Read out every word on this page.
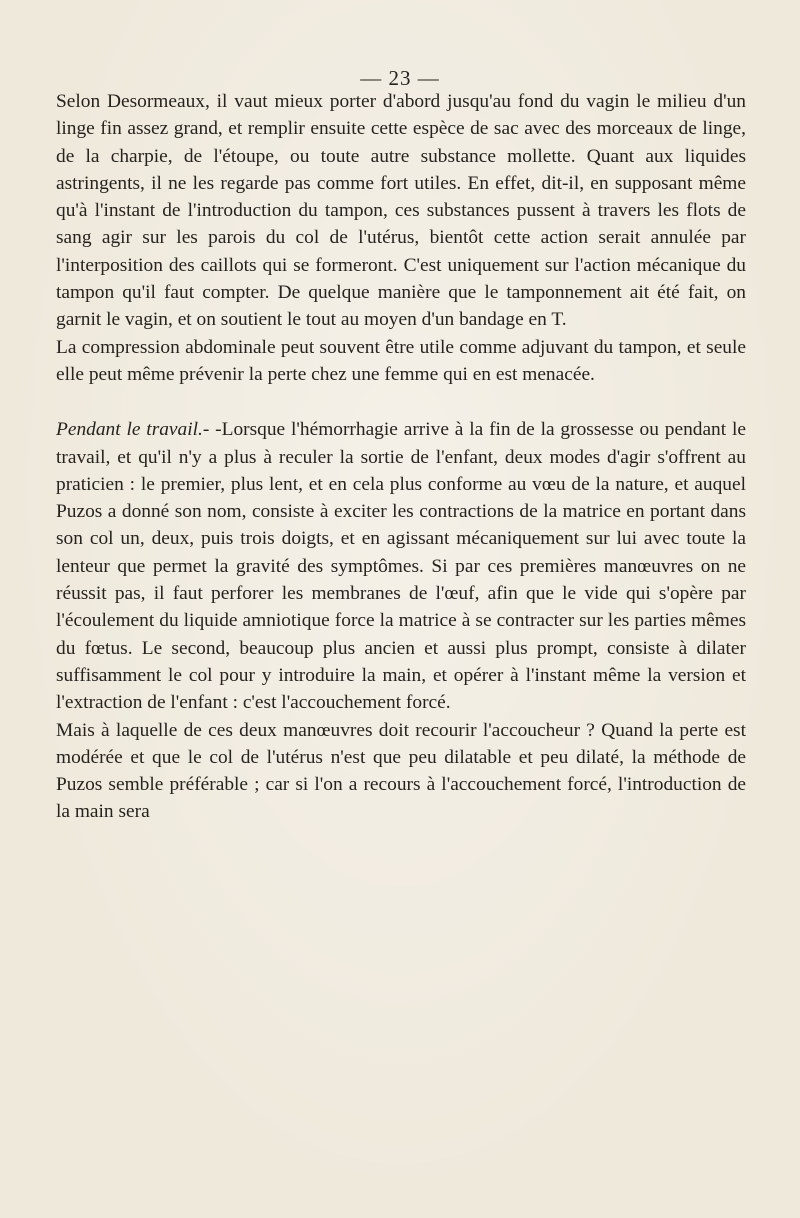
— 23 —

Selon Desormeaux, il vaut mieux porter d'abord jusqu'au fond du vagin le milieu d'un linge fin assez grand, et remplir ensuite cette espèce de sac avec des morceaux de linge, de la charpie, de l'étoupe, ou toute autre substance mollette. Quant aux liquides astringents, il ne les regarde pas comme fort utiles. En effet, dit-il, en supposant même qu'à l'instant de l'introduction du tampon, ces substances pussent à travers les flots de sang agir sur les parois du col de l'utérus, bientôt cette action serait annulée par l'interposition des caillots qui se formeront. C'est uniquement sur l'action mécanique du tampon qu'il faut compter. De quelque manière que le tamponnement ait été fait, on garnit le vagin, et on soutient le tout au moyen d'un bandage en T.

La compression abdominale peut souvent être utile comme adjuvant du tampon, et seule elle peut même prévenir la perte chez une femme qui en est menacée.

Pendant le travail.- -Lorsque l'hémorrhagie arrive à la fin de la grossesse ou pendant le travail, et qu'il n'y a plus à reculer la sortie de l'enfant, deux modes d'agir s'offrent au praticien : le premier, plus lent, et en cela plus conforme au vœu de la nature, et auquel Puzos a donné son nom, consiste à exciter les contractions de la matrice en portant dans son col un, deux, puis trois doigts, et en agissant mécaniquement sur lui avec toute la lenteur que permet la gravité des symptômes. Si par ces premières manœuvres on ne réussit pas, il faut perforer les membranes de l'œuf, afin que le vide qui s'opère par l'écoulement du liquide amniotique force la matrice à se contracter sur les parties mêmes du fœtus. Le second, beaucoup plus ancien et aussi plus prompt, consiste à dilater suffisamment le col pour y introduire la main, et opérer à l'instant même la version et l'extraction de l'enfant : c'est l'accouchement forcé.

Mais à laquelle de ces deux manœuvres doit recourir l'accoucheur ? Quand la perte est modérée et que le col de l'utérus n'est que peu dilatable et peu dilaté, la méthode de Puzos semble préférable ; car si l'on a recours à l'accouchement forcé, l'introduction de la main sera
